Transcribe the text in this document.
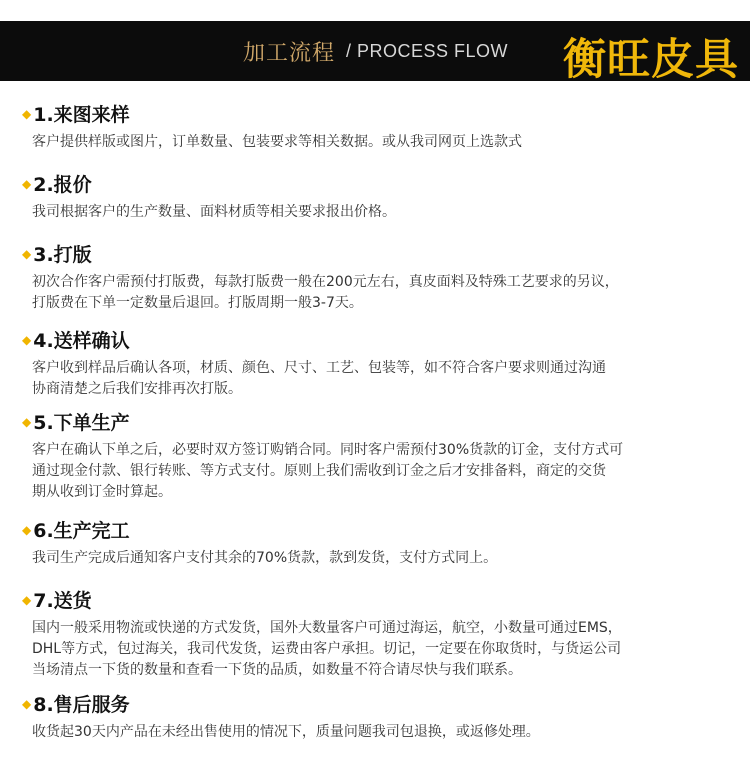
加工流程 / PROCESS FLOW 衡旺皮具
◆ 1.来图来样
客户提供样版或图片，订单数量、包装要求等相关数据。或从我司网页上选款式
◆ 2.报价
我司根据客户的生产数量、面料材质等相关要求报出价格。
◆ 3.打版
初次合作客户需预付打版费，每款打版费一般在200元左右，真皮面料及特殊工艺要求的另议，
打版费在下单一定数量后退回。打版周期一般3-7天。
◆ 4.送样确认
客户收到样品后确认各项，材质、颜色、尺寸、工艺、包装等，如不符合客户要求则通过沟通
协商清楚之后我们安排再次打版。
◆ 5.下单生产
客户在确认下单之后，必要时双方签订购销合同。同时客户需预付30%货款的订金，支付方式可
通过现金付款、银行转账、等方式支付。原则上我们需收到订金之后才安排备料，商定的交货
期从收到订金时算起。
◆ 6.生产完工
我司生产完成后通知客户支付其余的70%货款，款到发货，支付方式同上。
◆ 7.送货
国内一般采用物流或快递的方式发货，国外大数量客户可通过海运，航空，小数量可通过EMS，
DHL等方式，包过海关，我司代发货，运费由客户承担。切记，一定要在你取货时，与货运公司
当场清点一下货的数量和查看一下货的品质，如数量不符合请尽快与我们联系。
◆ 8.售后服务
收货起30天内产品在未经出售使用的情况下，质量问题我司包退换，或返修处理。
